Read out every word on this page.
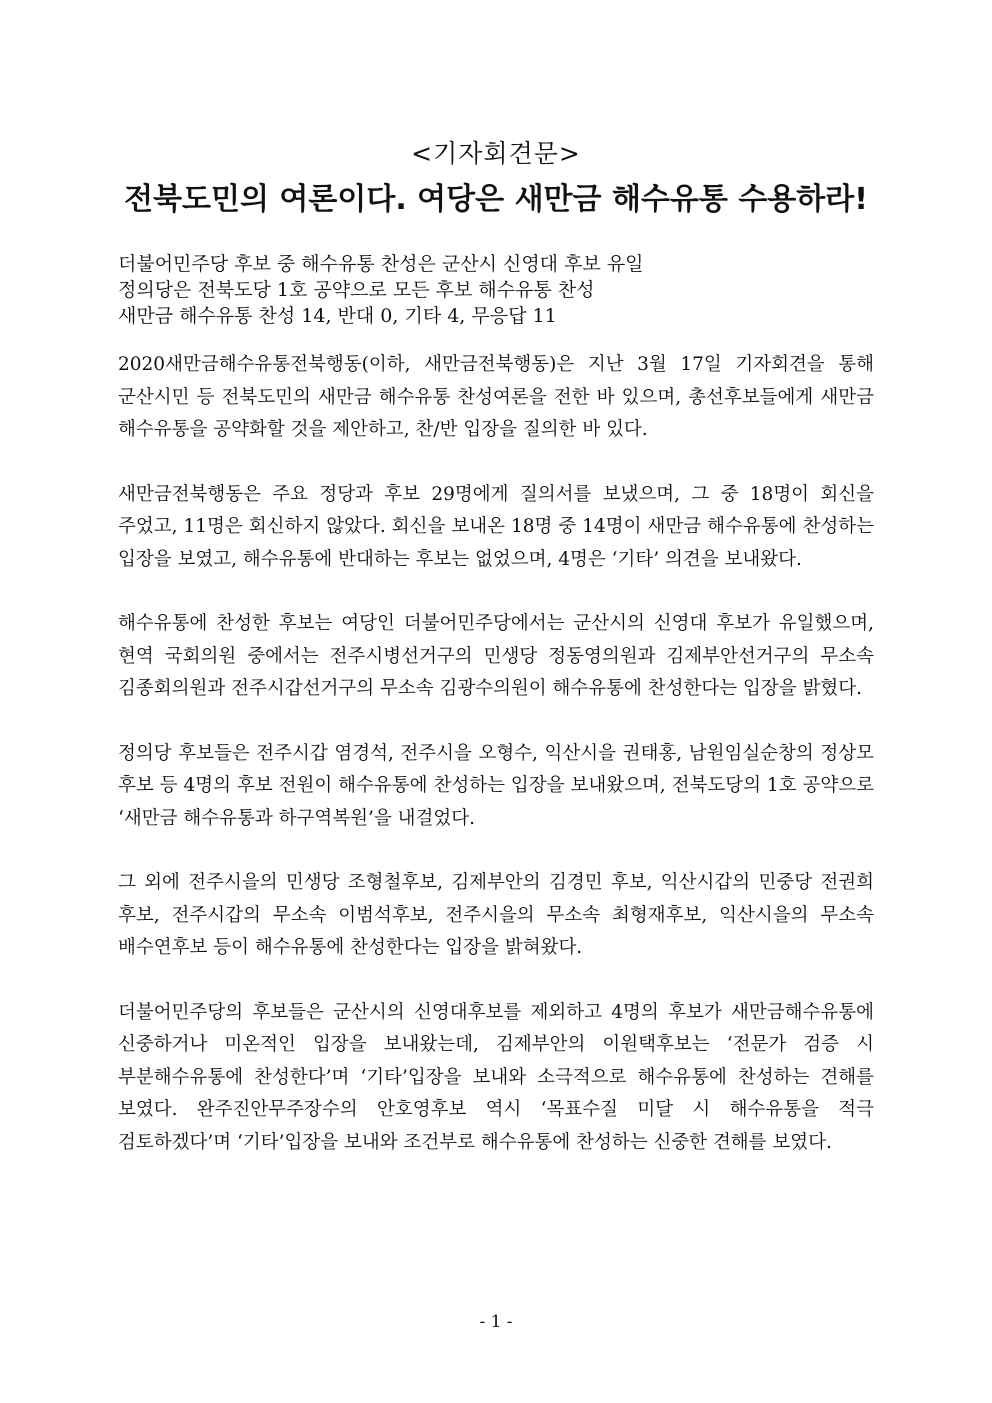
<기자회견문>
전북도민의 여론이다. 여당은 새만금 해수유통 수용하라!
더불어민주당 후보 중 해수유통 찬성은 군산시 신영대 후보 유일
정의당은 전북도당 1호 공약으로 모든 후보 해수유통 찬성
새만금 해수유통 찬성 14, 반대 0, 기타 4, 무응답 11

2020새만금해수유통전북행동(이하, 새만금전북행동)은 지난 3월 17일 기자회견을 통해 군산시민 등 전북도민의 새만금 해수유통 찬성여론을 전한 바 있으며, 총선후보들에게 새만금 해수유통을 공약화할 것을 제안하고, 찬/반 입장을 질의한 바 있다.

새만금전북행동은 주요 정당과 후보 29명에게 질의서를 보냈으며, 그 중 18명이 회신을 주었고, 11명은 회신하지 않았다. 회신을 보내온 18명 중 14명이 새만금 해수유통에 찬성하는 입장을 보였고, 해수유통에 반대하는 후보는 없었으며, 4명은 ‘기타’ 의견을 보내왔다.

해수유통에 찬성한 후보는 여당인 더불어민주당에서는 군산시의 신영대 후보가 유일했으며, 현역 국회의원 중에서는 전주시병선거구의 민생당 정동영의원과 김제부안선거구의 무소속 김종회의원과 전주시갑선거구의 무소속 김광수의원이 해수유통에 찬성한다는 입장을 밝혔다.

정의당 후보들은 전주시갑 염경석, 전주시을 오형수, 익산시을 권태홍, 남원임실순창의 정상모 후보 등 4명의 후보 전원이 해수유통에 찬성하는 입장을 보내왔으며, 전북도당의 1호 공약으로 ‘새만금 해수유통과 하구역복원’을 내걸었다.

그 외에 전주시을의 민생당 조형철후보, 김제부안의 김경민 후보, 익산시갑의 민중당 전권희 후보, 전주시갑의 무소속 이범석후보, 전주시을의 무소속 최형재후보, 익산시을의 무소속 배수연후보 등이 해수유통에 찬성한다는 입장을 밝혀왔다.

더불어민주당의 후보들은 군산시의 신영대후보를 제외하고 4명의 후보가 새만금해수유통에 신중하거나 미온적인 입장을 보내왔는데, 김제부안의 이원택후보는 ‘전문가 검증 시 부분해수유통에 찬성한다’며 ‘기타’입장을 보내와 소극적으로 해수유통에 찬성하는 견해를 보였다. 완주진안무주장수의 안호영후보 역시 ‘목표수질 미달 시 해수유통을 적극 검토하겠다’며 ‘기타’입장을 보내와 조건부로 해수유통에 찬성하는 신중한 견해를 보였다.

- 1 -
